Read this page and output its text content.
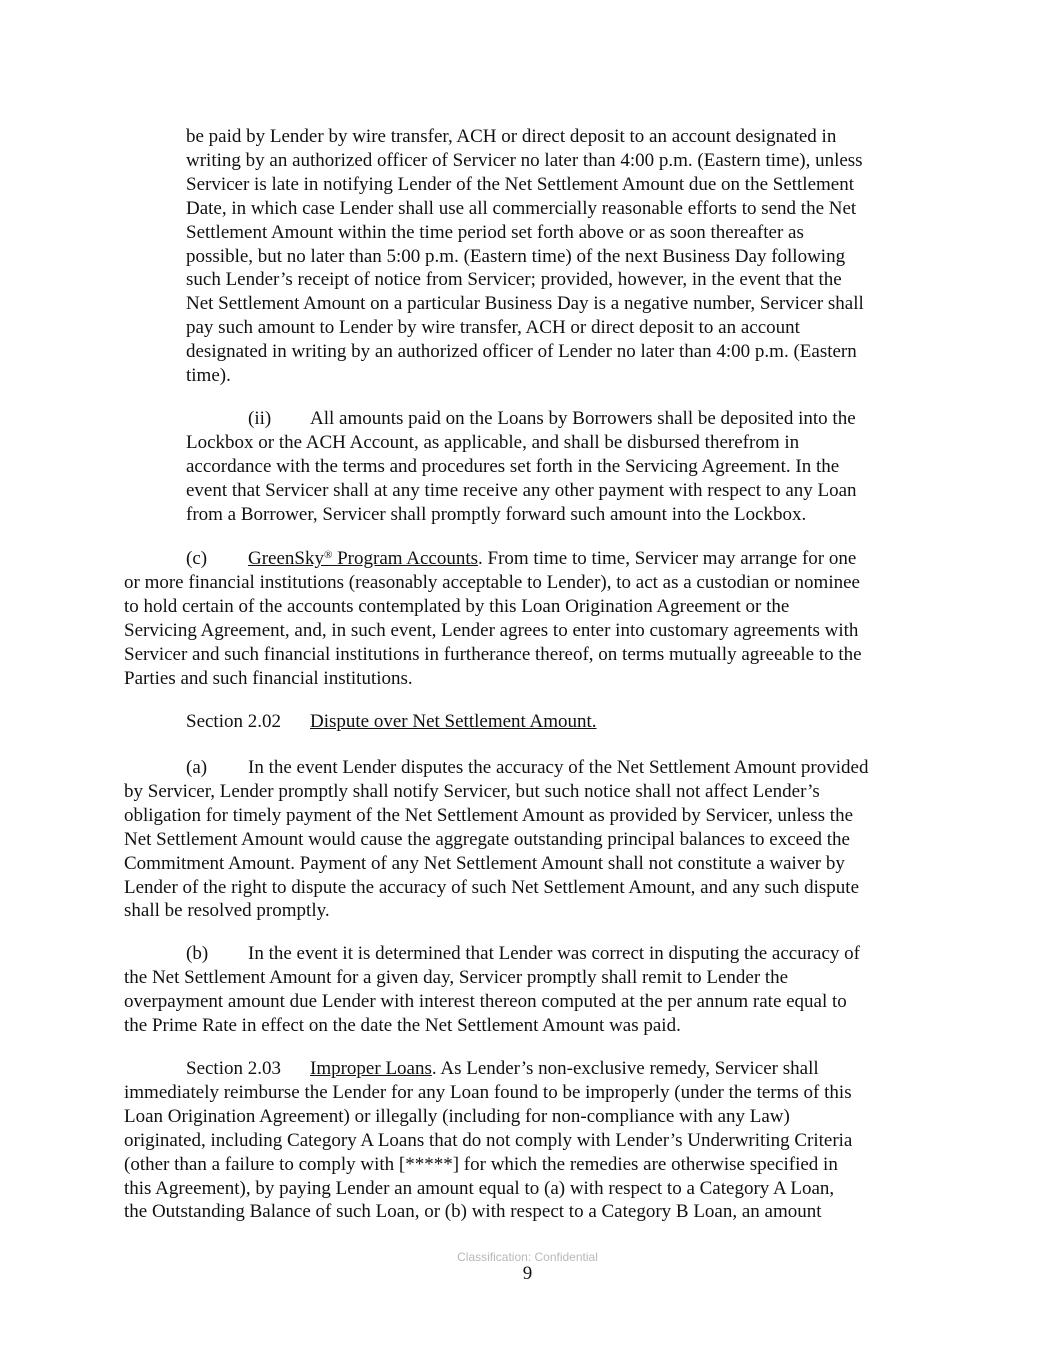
be paid by Lender by wire transfer, ACH or direct deposit to an account designated in
writing by an authorized officer of Servicer no later than 4:00 p.m. (Eastern time), unless
Servicer is late in notifying Lender of the Net Settlement Amount due on the Settlement
Date, in which case Lender shall use all commercially reasonable efforts to send the Net
Settlement Amount within the time period set forth above or as soon thereafter as
possible, but no later than 5:00 p.m. (Eastern time) of the next Business Day following
such Lender’s receipt of notice from Servicer; provided, however, in the event that the
Net Settlement Amount on a particular Business Day is a negative number, Servicer shall
pay such amount to Lender by wire transfer, ACH or direct deposit to an account
designated in writing by an authorized officer of Lender no later than 4:00 p.m. (Eastern
time).
(ii) All amounts paid on the Loans by Borrowers shall be deposited into the
Lockbox or the ACH Account, as applicable, and shall be disbursed therefrom in
accordance with the terms and procedures set forth in the Servicing Agreement. In the
event that Servicer shall at any time receive any other payment with respect to any Loan
from a Borrower, Servicer shall promptly forward such amount into the Lockbox.
(c) GreenSky® Program Accounts. From time to time, Servicer may arrange for one
or more financial institutions (reasonably acceptable to Lender), to act as a custodian or nominee
to hold certain of the accounts contemplated by this Loan Origination Agreement or the
Servicing Agreement, and, in such event, Lender agrees to enter into customary agreements with
Servicer and such financial institutions in furtherance thereof, on terms mutually agreeable to the
Parties and such financial institutions.
Section 2.02 Dispute over Net Settlement Amount.
(a) In the event Lender disputes the accuracy of the Net Settlement Amount provided
by Servicer, Lender promptly shall notify Servicer, but such notice shall not affect Lender’s
obligation for timely payment of the Net Settlement Amount as provided by Servicer, unless the
Net Settlement Amount would cause the aggregate outstanding principal balances to exceed the
Commitment Amount. Payment of any Net Settlement Amount shall not constitute a waiver by
Lender of the right to dispute the accuracy of such Net Settlement Amount, and any such dispute
shall be resolved promptly.
(b) In the event it is determined that Lender was correct in disputing the accuracy of
the Net Settlement Amount for a given day, Servicer promptly shall remit to Lender the
overpayment amount due Lender with interest thereon computed at the per annum rate equal to
the Prime Rate in effect on the date the Net Settlement Amount was paid.
Section 2.03 Improper Loans. As Lender’s non-exclusive remedy, Servicer shall
immediately reimburse the Lender for any Loan found to be improperly (under the terms of this
Loan Origination Agreement) or illegally (including for non-compliance with any Law)
originated, including Category A Loans that do not comply with Lender’s Underwriting Criteria
(other than a failure to comply with [*****] for which the remedies are otherwise specified in
this Agreement), by paying Lender an amount equal to (a) with respect to a Category A Loan,
the Outstanding Balance of such Loan, or (b) with respect to a Category B Loan, an amount
Classification: Confidential
9
